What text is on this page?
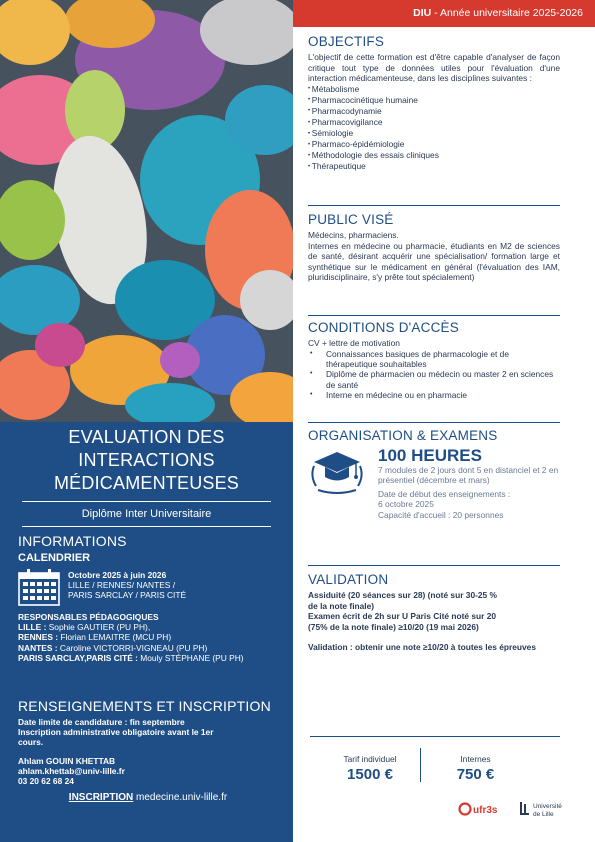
EVALUATION DES
INTERACTIONS
MÉDICAMENTEUSES
Diplôme Inter Universitaire
INFORMATIONS
CALENDRIER
Octobre 2025 à juin 2026
LILLE / RENNES/ NANTES /
PARIS SARCLAY / PARIS CITÉ
RESPONSABLES PÉDAGOGIQUES
LILLE : Sophie GAUTIER (PU PH),
RENNES : Florian LEMAITRE (MCU PH)
NANTES : Caroline VICTORRI-VIGNEAU (PU PH)
PARIS SARCLAY,PARIS CITÉ : Mouly STÉPHANE (PU PH)
RENSEIGNEMENTS ET INSCRIPTION
Date limite de candidature : fin septembre
Inscription administrative obligatoire avant le 1er
cours.
Ahlam GOUIN KHETTAB
ahlam.khettab@univ-lille.fr
03 20 62 68 24
INSCRIPTION medecine.univ-lille.fr
DIU - Année universitaire 2025-2026
OBJECTIFS
L'objectif de cette formation est d'être capable d'analyser de façon critique tout type de données utiles pour l'évaluation d'une interaction médicamenteuse, dans les disciplines suivantes :
• Métabolisme
• Pharmacocinétique humaine
• Pharmacodynamie
• Pharmacovigilance
• Sémiologie
• Pharmaco-épidémiologie
• Méthodologie des essais cliniques
• Thérapeutique
PUBLIC VISÉ
Médecins, pharmaciens.
Internes en médecine ou pharmacie, étudiants en M2 de sciences de santé, désirant acquérir une spécialisation/ formation large et synthétique sur le médicament en général (l'évaluation des IAM, pluridisciplinaire, s'y prête tout spécialement)
CONDITIONS D'ACCÈS
CV + lettre de motivation
• Connaissances basiques de pharmacologie et de thérapeutique souhaitables
• Diplôme de pharmacien ou médecin ou master 2 en sciences de santé
• Interne en médecine ou en pharmacie
ORGANISATION & EXAMENS
100 HEURES
7 modules de 2 jours dont 5 en distanciel et 2 en présentiel (décembre et mars)
Date de début des enseignements :
6 octobre 2025
Capacité d'accueil : 20 personnes
VALIDATION
Assiduité (20 séances sur 28) (noté sur 30-25 %
de la note finale)
Examen écrit de 2h sur U Paris Cité noté sur 20
(75% de la note finale) ≥10/20 (19 mai 2026)
Validation : obtenir une note ≥10/20 à toutes les épreuves
Tarif individuel
1500 €
Internes
750 €
ufr3s	Université
de Lille
